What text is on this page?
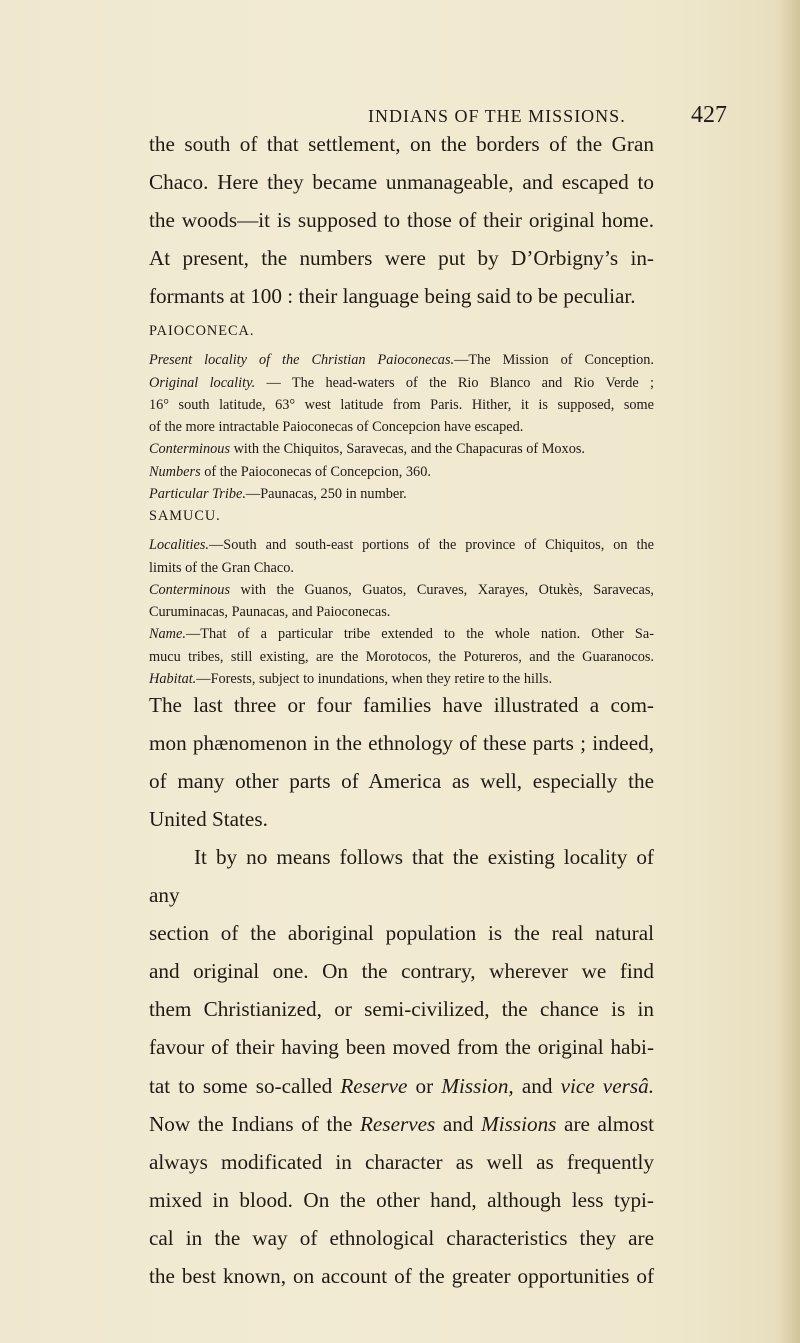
INDIANS OF THE MISSIONS.	427

the south of that settlement, on the borders of the Gran

Chaco. Here they became unmanageable, and escaped to

the woods—it is supposed to those of their original home.

At present, the numbers were put by D’Orbigny’s in-

formants at 100 : their language being said to be peculiar.

PAIOCONECA.

Present locality of the Christian Paioconecas.—The Mission of Conception.

Original locality. — The head-waters of the Rio Blanco and Rio Verde ;

16° south latitude, 63° west latitude from Paris. Hither, it is supposed, some

of the more intractable Paioconecas of Concepcion have escaped.

Conterminous with the Chiquitos, Saravecas, and the Chapacuras of Moxos.

Numbers of the Paioconecas of Concepcion, 360.

Particular Tribe.—Paunacas, 250 in number.

SAMUCU.

Localities.—South and south-east portions of the province of Chiquitos, on the

limits of the Gran Chaco.

Conterminous with the Guanos, Guatos, Curaves, Xarayes, Otukès, Saravecas,

Curuminacas, Paunacas, and Paioconecas.

Name.—That of a particular tribe extended to the whole nation. Other Sa-

mucu tribes, still existing, are the Morotocos, the Potureros, and the Guaranocos.

Habitat.—Forests, subject to inundations, when they retire to the hills.

The last three or four families have illustrated a com-

mon phænomenon in the ethnology of these parts ; indeed,

of many other parts of America as well, especially the

United States.

It by no means follows that the existing locality of any

section of the aboriginal population is the real natural

and original one. On the contrary, wherever we find

them Christianized, or semi-civilized, the chance is in

favour of their having been moved from the original habi-

tat to some so-called Reserve or Mission, and vice versâ.

Now the Indians of the Reserves and Missions are almost

always modificated in character as well as frequently

mixed in blood. On the other hand, although less typi-

cal in the way of ethnological characteristics they are

the best known, on account of the greater opportunities of
